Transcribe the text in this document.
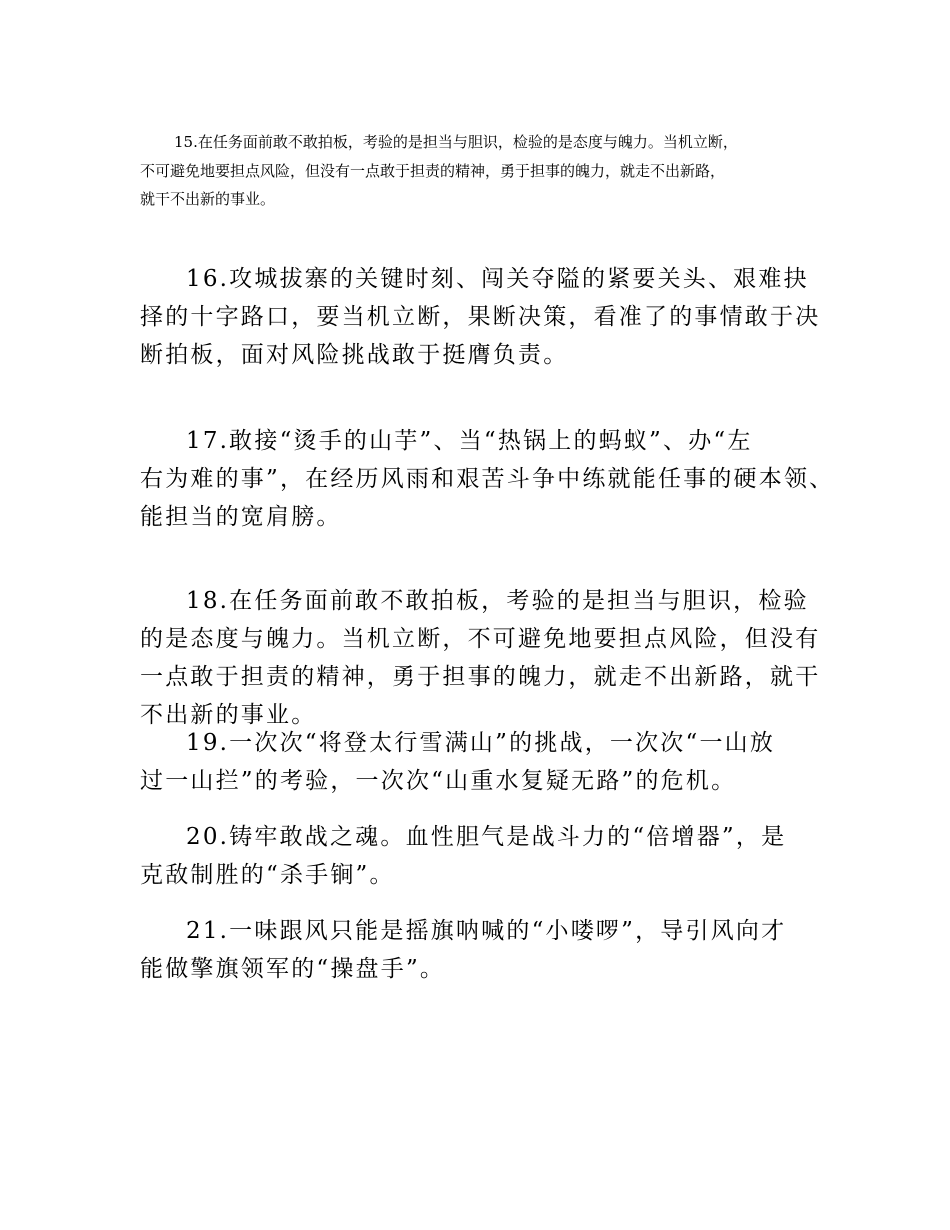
15.在任务面前敢不敢拍板，考验的是担当与胆识，检验的是态度与魄力。当机立断，
不可避免地要担点风险，但没有一点敢于担责的精神，勇于担事的魄力，就走不出新路，
就干不出新的事业。
16.攻城拔寨的关键时刻、闯关夺隘的紧要关头、艰难抉
择的十字路口，要当机立断，果断决策，看准了的事情敢于决
断拍板，面对风险挑战敢于挺膺负责。
17.敢接“烫手的山芋”、当“热锅上的蚂蚁”、办“左
右为难的事”，在经历风雨和艰苦斗争中练就能任事的硬本领、
能担当的宽肩膀。
18.在任务面前敢不敢拍板，考验的是担当与胆识，检验
的是态度与魄力。当机立断，不可避免地要担点风险，但没有
一点敢于担责的精神，勇于担事的魄力，就走不出新路，就干
不出新的事业。
19.一次次“将登太行雪满山”的挑战，一次次“一山放
过一山拦”的考验，一次次“山重水复疑无路”的危机。
20.铸牢敢战之魂。血性胆气是战斗力的“倍增器”，是
克敌制胜的“杀手锏”。
21.一味跟风只能是摇旗呐喊的“小喽啰”，导引风向才
能做擎旗领军的“操盘手”。
